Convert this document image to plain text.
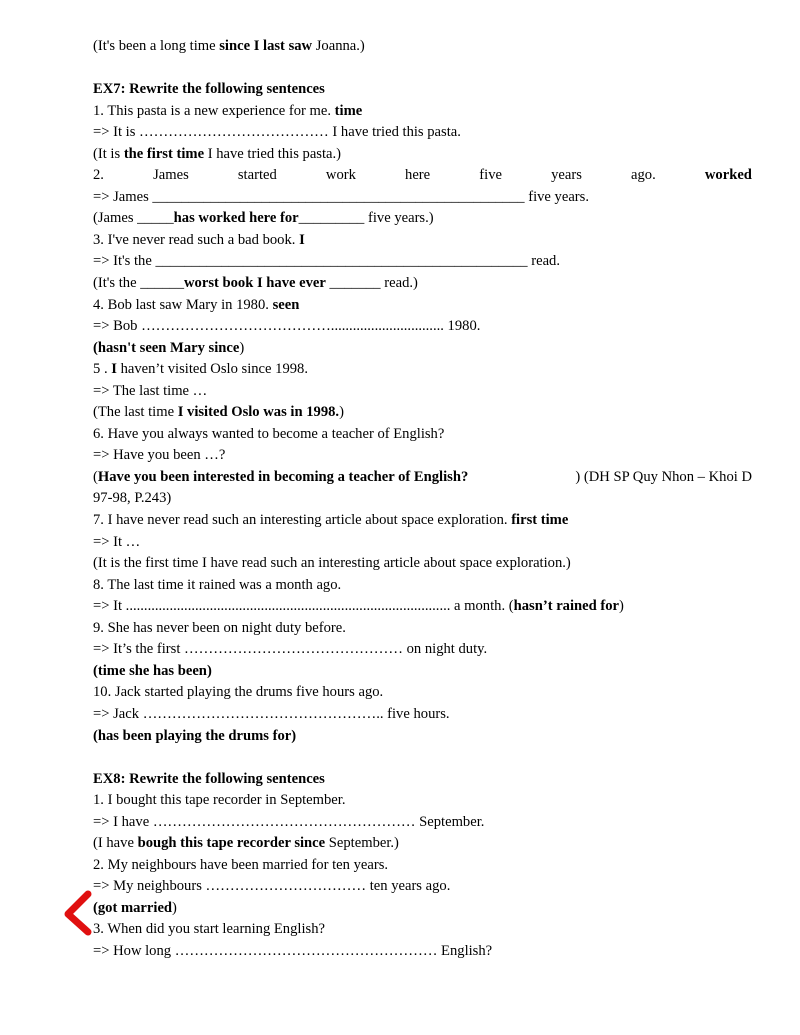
(It's been a long time since I last saw Joanna.)
EX7: Rewrite the following sentences
1. This pasta is a new experience for me. time
=> It is ………………………………… I have tried this pasta.
(It is the first time I have tried this pasta.)
2.	James	started	work	here	five	years	ago.	worked
=> James ___________________________________________________ five years.
(James _____has worked here for_________ five years.)
3. I've never read such a bad book. I
=> It's the ___________________________________________________ read.
(It's the ______worst book I have ever _______ read.)
4. Bob last saw Mary in 1980. seen
=> Bob …………………………………............................... 1980.
(hasn't seen Mary since)
5 . I haven’t visited Oslo since 1998.
=> The last time …
(The last time I visited Oslo was in 1998.)
6. Have you always wanted to become a teacher of English?
=> Have you been …?
(Have you been interested in becoming a teacher of English?	) (DH SP Quy Nhon – Khoi D
97-98, P.243)
7. I have never read such an interesting article about space exploration. first time
=> It …
(It is the first time I have read such an interesting article about space exploration.)
8. The last time it rained was a month ago.
=> It ......................................................................................... a month. (hasn’t rained for)
9. She has never been on night duty before.
=> It’s the first ……………………………………… on night duty.
(time she has been)
10. Jack started playing the drums five hours ago.
=> Jack ………………………………………….. five hours.
(has been playing the drums for)
EX8: Rewrite the following sentences
1. I bought this tape recorder in September.
=> I have ……………………………………………… September.
(I have bough this tape recorder since September.)
2. My neighbours have been married for ten years.
=> My neighbours …………………………… ten years ago.
(got married)
3. When did you start learning English?
=> How long ……………………………………………… English?
